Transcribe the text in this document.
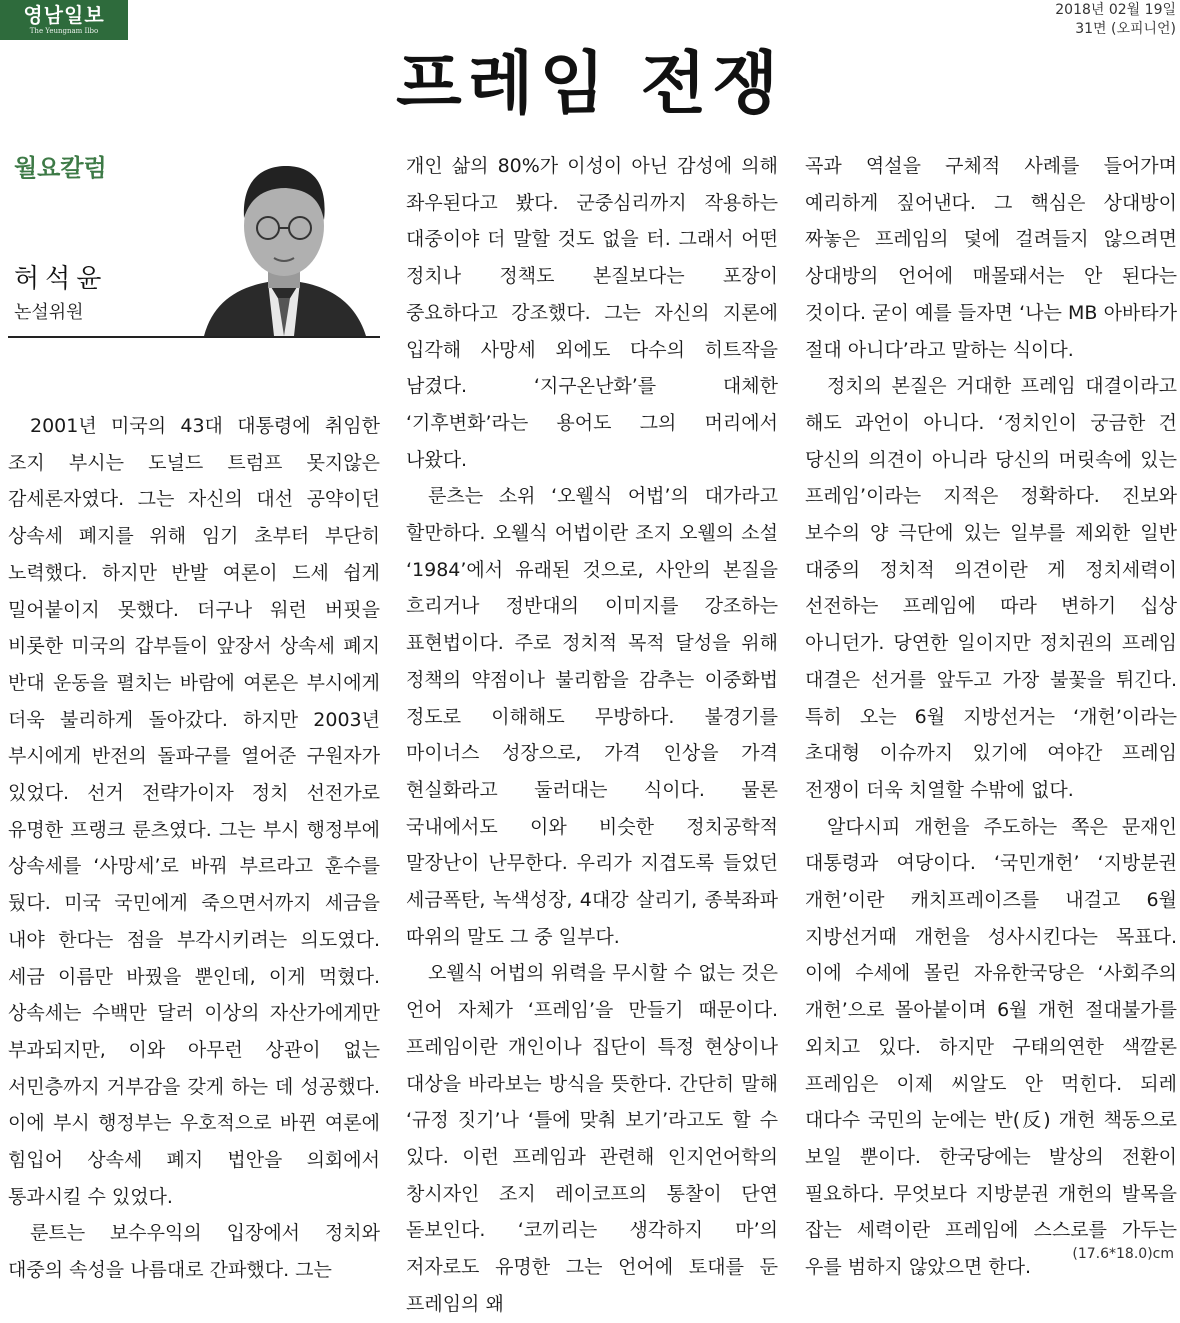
영남일보
The Yeungnam Ilbo
2018년 02월 19일
31면 (오피니언)
프레임 전쟁
월요칼럼
허석윤
논설위원

2001년 미국의 43대 대통령에 취임한 조지 부시는 도널드 트럼프 못지않은 감세론자였다. 그는 자신의 대선 공약이던 상속세 폐지를 위해 임기 초부터 부단히 노력했다. 하지만 반발 여론이 드세 쉽게 밀어붙이지 못했다. 더구나 워런 버핏을 비롯한 미국의 갑부들이 앞장서 상속세 폐지 반대 운동을 펼치는 바람에 여론은 부시에게 더욱 불리하게 돌아갔다. 하지만 2003년 부시에게 반전의 돌파구를 열어준 구원자가 있었다. 선거 전략가이자 정치 선전가로 유명한 프랭크 룬츠였다. 그는 부시 행정부에 상속세를 ‘사망세’로 바꿔 부르라고 훈수를 뒀다. 미국 국민에게 죽으면서까지 세금을 내야 한다는 점을 부각시키려는 의도였다. 세금 이름만 바꿨을 뿐인데, 이게 먹혔다. 상속세는 수백만 달러 이상의 자산가에게만 부과되지만, 이와 아무런 상관이 없는 서민층까지 거부감을 갖게 하는 데 성공했다. 이에 부시 행정부는 우호적으로 바뀐 여론에 힘입어 상속세 폐지 법안을 의회에서 통과시킬 수 있었다.

룬트는 보수우익의 입장에서 정치와 대중의 속성을 나름대로 간파했다. 그는

개인 삶의 80%가 이성이 아닌 감성에 의해 좌우된다고 봤다. 군중심리까지 작용하는 대중이야 더 말할 것도 없을 터. 그래서 어떤 정치나 정책도 본질보다는 포장이 중요하다고 강조했다. 그는 자신의 지론에 입각해 사망세 외에도 다수의 히트작을 남겼다. ‘지구온난화’를 대체한 ‘기후변화’라는 용어도 그의 머리에서 나왔다.

룬츠는 소위 ‘오웰식 어법’의 대가라고 할만하다. 오웰식 어법이란 조지 오웰의 소설 ‘1984’에서 유래된 것으로, 사안의 본질을 흐리거나 정반대의 이미지를 강조하는 표현법이다. 주로 정치적 목적 달성을 위해 정책의 약점이나 불리함을 감추는 이중화법 정도로 이해해도 무방하다. 불경기를 마이너스 성장으로, 가격 인상을 가격 현실화라고 둘러대는 식이다. 물론 국내에서도 이와 비슷한 정치공학적 말장난이 난무한다. 우리가 지겹도록 들었던 세금폭탄, 녹색성장, 4대강 살리기, 종북좌파 따위의 말도 그 중 일부다.

오웰식 어법의 위력을 무시할 수 없는 것은 언어 자체가 ‘프레임’을 만들기 때문이다. 프레임이란 개인이나 집단이 특정 현상이나 대상을 바라보는 방식을 뜻한다. 간단히 말해 ‘규정 짓기’나 ‘틀에 맞춰 보기’라고도 할 수 있다. 이런 프레임과 관련해 인지언어학의 창시자인 조지 레이코프의 통찰이 단연 돋보인다. ‘코끼리는 생각하지 마’의 저자로도 유명한 그는 언어에 토대를 둔 프레임의 왜

곡과 역설을 구체적 사례를 들어가며 예리하게 짚어낸다. 그 핵심은 상대방이 짜놓은 프레임의 덫에 걸려들지 않으려면 상대방의 언어에 매몰돼서는 안 된다는 것이다. 굳이 예를 들자면 ‘나는 MB 아바타가 절대 아니다’라고 말하는 식이다.

정치의 본질은 거대한 프레임 대결이라고 해도 과언이 아니다. ‘정치인이 궁금한 건 당신의 의견이 아니라 당신의 머릿속에 있는 프레임’이라는 지적은 정확하다. 진보와 보수의 양 극단에 있는 일부를 제외한 일반 대중의 정치적 의견이란 게 정치세력이 선전하는 프레임에 따라 변하기 십상 아니던가. 당연한 일이지만 정치권의 프레임 대결은 선거를 앞두고 가장 불꽃을 튀긴다. 특히 오는 6월 지방선거는 ‘개헌’이라는 초대형 이슈까지 있기에 여야간 프레임 전쟁이 더욱 치열할 수밖에 없다.

알다시피 개헌을 주도하는 쪽은 문재인 대통령과 여당이다. ‘국민개헌’ ‘지방분권 개헌’이란 캐치프레이즈를 내걸고 6월 지방선거때 개헌을 성사시킨다는 목표다. 이에 수세에 몰린 자유한국당은 ‘사회주의 개헌’으로 몰아붙이며 6월 개헌 절대불가를 외치고 있다. 하지만 구태의연한 색깔론 프레임은 이제 씨알도 안 먹힌다. 되레 대다수 국민의 눈에는 반(反) 개헌 책동으로 보일 뿐이다. 한국당에는 발상의 전환이 필요하다. 무엇보다 지방분권 개헌의 발목을 잡는 세력이란 프레임에 스스로를 가두는 우를 범하지 않았으면 한다.

(17.6*18.0)cm
